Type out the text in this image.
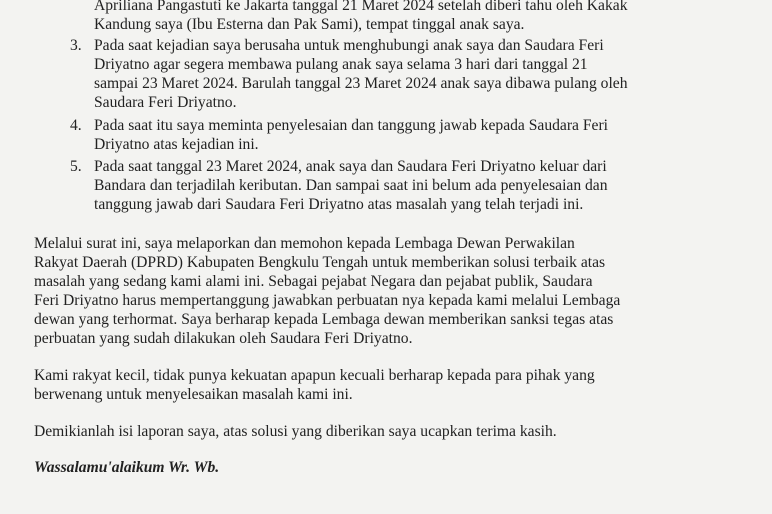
Apriliana Pangastuti ke Jakarta tanggal 21 Maret 2024 setelah diberi tahu oleh Kakak
Kandung saya (Ibu Esterna dan Pak Sami), tempat tinggal anak saya.
3. Pada saat kejadian saya berusaha untuk menghubungi anak saya dan Saudara Feri
Driyatno agar segera membawa pulang anak saya selama 3 hari dari tanggal 21
sampai 23 Maret 2024. Barulah tanggal 23 Maret 2024 anak saya dibawa pulang oleh
Saudara Feri Driyatno.
4. Pada saat itu saya meminta penyelesaian dan tanggung jawab kepada Saudara Feri
Driyatno atas kejadian ini.
5. Pada saat tanggal 23 Maret 2024, anak saya dan Saudara Feri Driyatno keluar dari
Bandara dan terjadilah keributan. Dan sampai saat ini belum ada penyelesaian dan
tanggung jawab dari Saudara Feri Driyatno atas masalah yang telah terjadi ini.
Melalui surat ini, saya melaporkan dan memohon kepada Lembaga Dewan Perwakilan
Rakyat Daerah (DPRD) Kabupaten Bengkulu Tengah untuk memberikan solusi terbaik atas
masalah yang sedang kami alami ini. Sebagai pejabat Negara dan pejabat publik, Saudara
Feri Driyatno harus mempertanggung jawabkan perbuatan nya kepada kami melalui Lembaga
dewan yang terhormat. Saya berharap kepada Lembaga dewan memberikan sanksi tegas atas
perbuatan yang sudah dilakukan oleh Saudara Feri Driyatno.
Kami rakyat kecil, tidak punya kekuatan apapun kecuali berharap kepada para pihak yang
berwenang untuk menyelesaikan masalah kami ini.
Demikianlah isi laporan saya, atas solusi yang diberikan saya ucapkan terima kasih.
Wassalamu'alaikum Wr. Wb.
